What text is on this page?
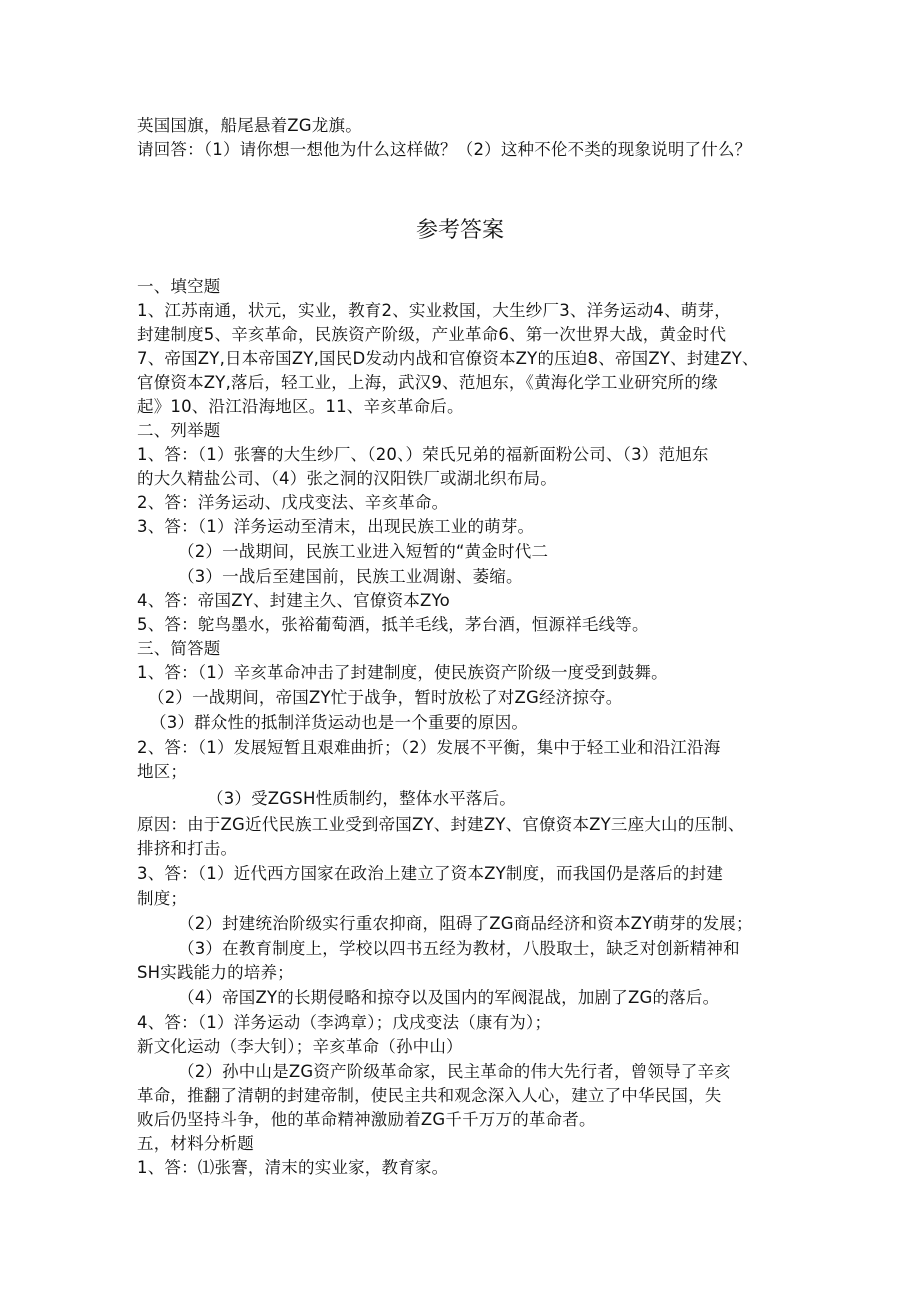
英国国旗，船尾悬着ZG龙旗。
请回答：（1）请你想一想他为什么这样做？（2）这种不伦不类的现象说明了什么？
参考答案
一、填空题
1、江苏南通，状元，实业，教育2、实业救国，大生纱厂3、洋务运动4、萌芽，
封建制度5、辛亥革命，民族资产阶级，产业革命6、第一次世界大战，黄金时代
7、帝国ZY,日本帝国ZY,国民D发动内战和官僚资本ZY的压迫8、帝国ZY、封建ZY、
官僚资本ZY,落后，轻工业，上海，武汉9、范旭东，《黄海化学工业研究所的缘
起》10、沿江沿海地区。11、辛亥革命后。
二、列举题
1、答：（1）张謇的大生纱厂、（20、）荣氏兄弟的福新面粉公司、（3）范旭东
的大久精盐公司、（4）张之洞的汉阳铁厂或湖北织布局。
2、答：洋务运动、戊戌变法、辛亥革命。
3、答：（1）洋务运动至清末，出现民族工业的萌芽。
（2）一战期间，民族工业进入短暂的“黄金时代二
（3）一战后至建国前，民族工业凋谢、萎缩。
4、答：帝国ZY、封建主久、官僚资本ZYo
5、答：鸵鸟墨水，张裕葡萄酒，抵羊毛线，茅台酒，恒源祥毛线等。
三、简答题
1、答：（1）辛亥革命冲击了封建制度，使民族资产阶级一度受到鼓舞。
（2）一战期间，帝国ZY忙于战争，暂时放松了对ZG经济掠夺。
（3）群众性的抵制洋货运动也是一个重要的原因。
2、答：（1）发展短暂且艰难曲折；（2）发展不平衡，集中于轻工业和沿江沿海
地区；
（3）受ZGSH性质制约，整体水平落后。
原因：由于ZG近代民族工业受到帝国ZY、封建ZY、官僚资本ZY三座大山的压制、
排挤和打击。
3、答：（1）近代西方国家在政治上建立了资本ZY制度，而我国仍是落后的封建
制度；
（2）封建统治阶级实行重农抑商，阻碍了ZG商品经济和资本ZY萌芽的发展；
（3）在教育制度上，学校以四书五经为教材，八股取士，缺乏对创新精神和
SH实践能力的培养；
（4）帝国ZY的长期侵略和掠夺以及国内的军阀混战，加剧了ZG的落后。
4、答：（1）洋务运动（李鸿章）；戊戌变法（康有为）；
新文化运动（李大钊）；辛亥革命（孙中山）
（2）孙中山是ZG资产阶级革命家，民主革命的伟大先行者，曾领导了辛亥
革命，推翻了清朝的封建帝制，使民主共和观念深入人心，建立了中华民国，失
败后仍坚持斗争，他的革命精神激励着ZG千千万万的革命者。
五，材料分析题
1、答：⑴张謇，清末的实业家，教育家。
